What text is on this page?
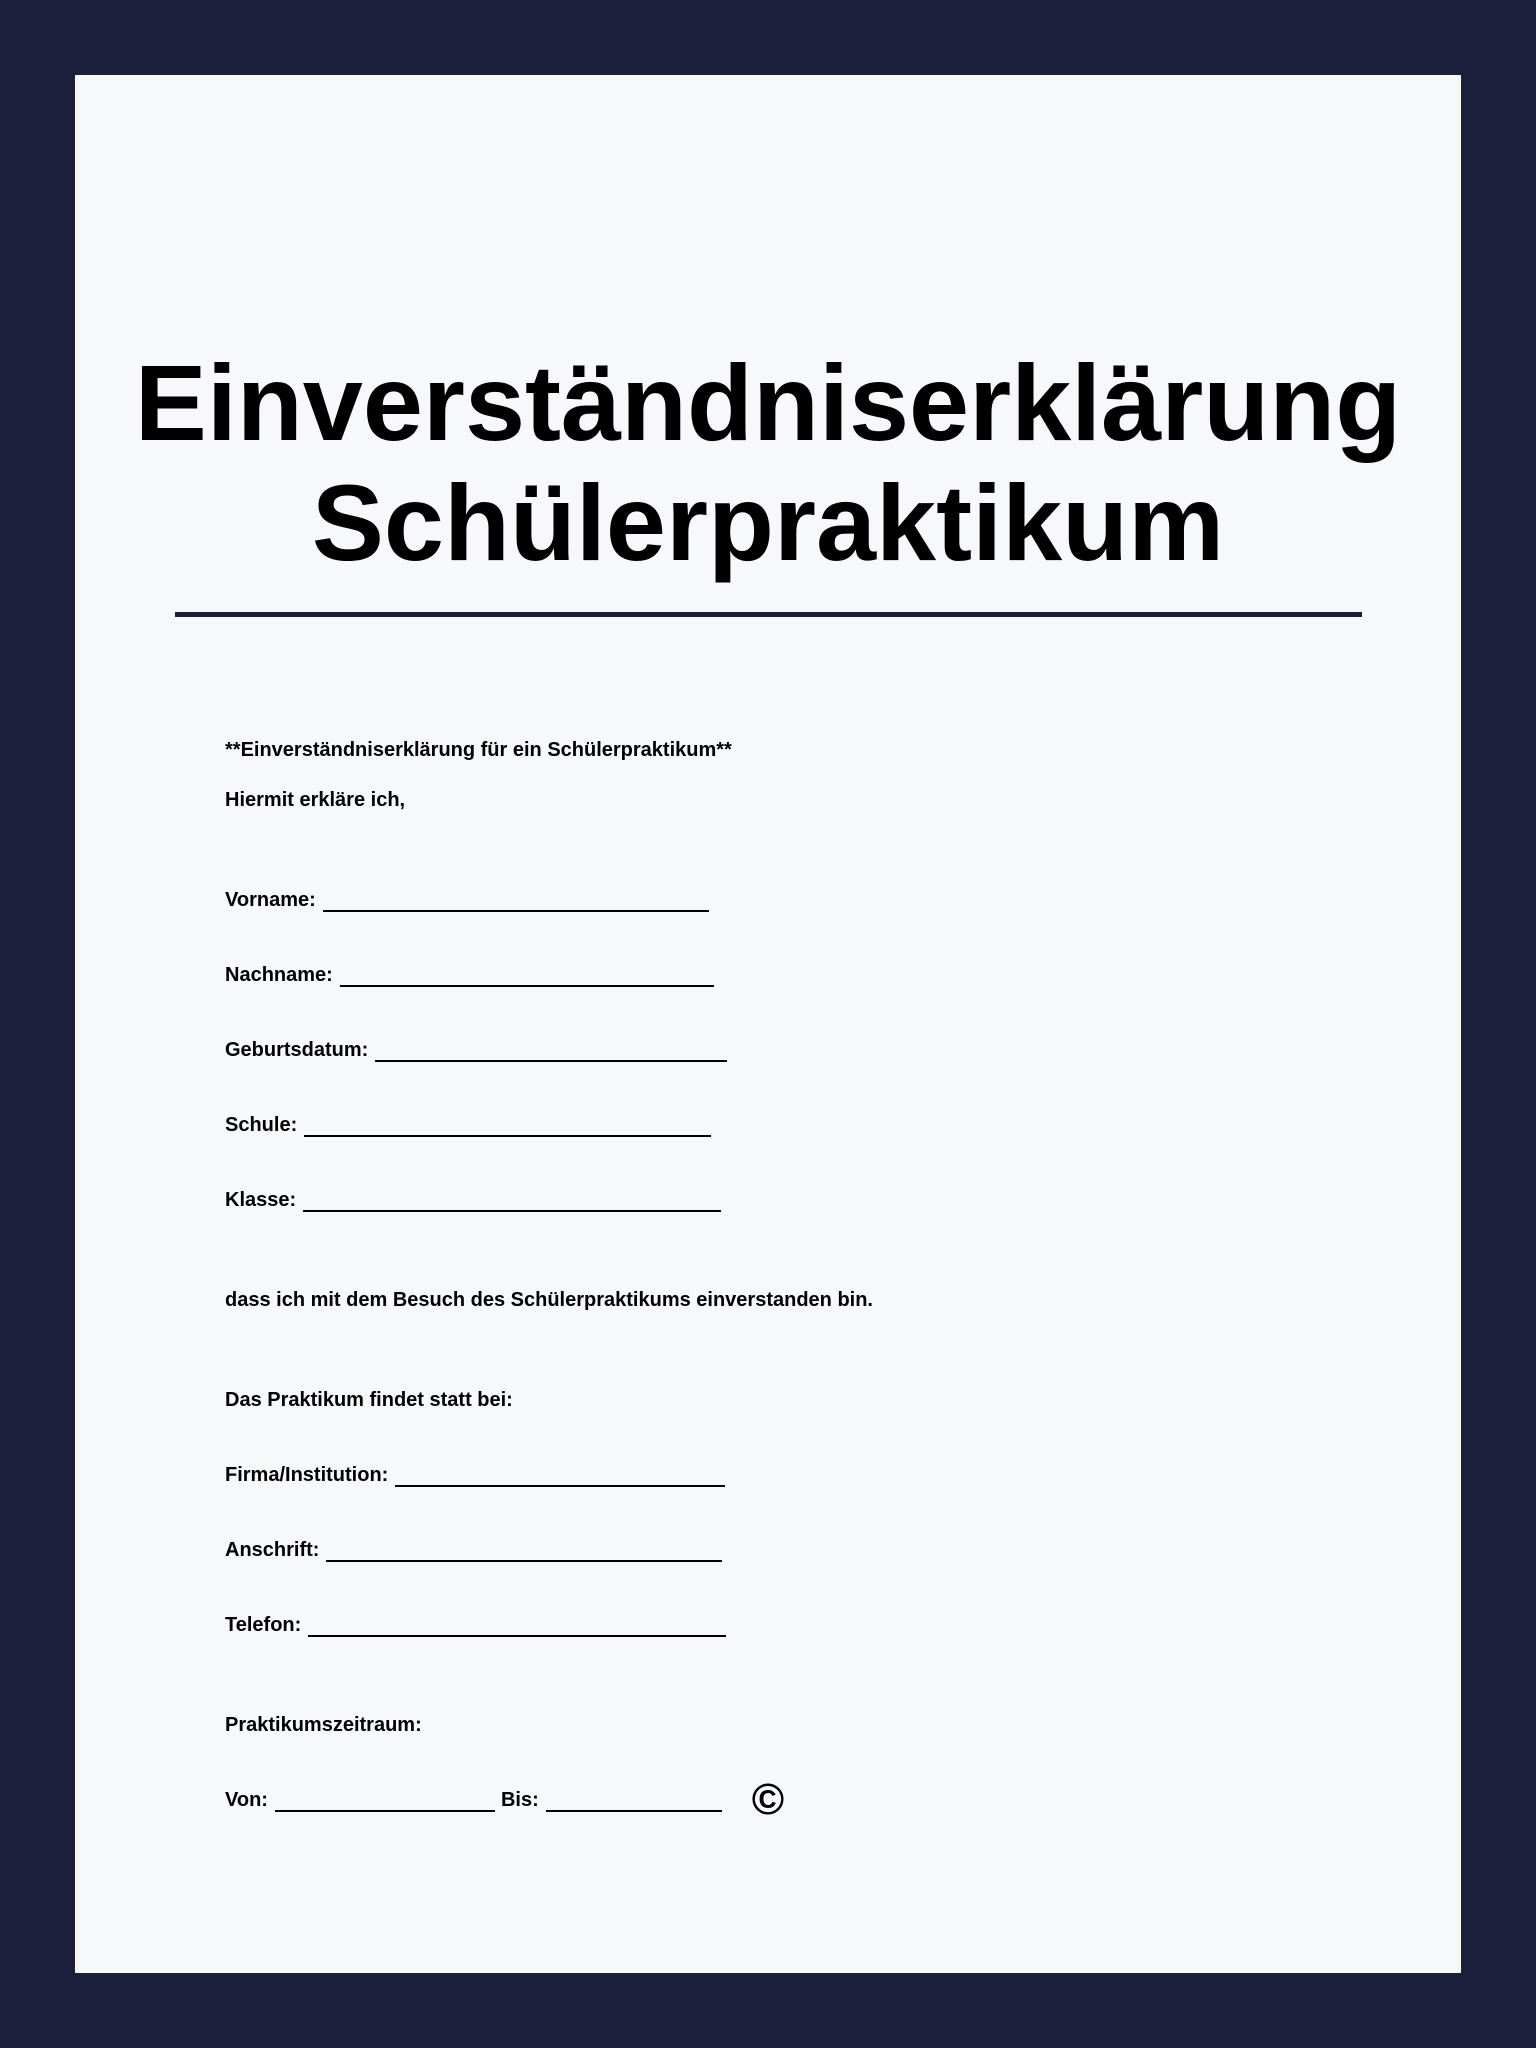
Einverständniserklärung
Schülerpraktikum
**Einverständniserklärung für ein Schülerpraktikum**
Hiermit erkläre ich,
Vorname:
Nachname:
Geburtsdatum:
Schule:
Klasse:
dass ich mit dem Besuch des Schülerpraktikums einverstanden bin.
Das Praktikum findet statt bei:
Firma/Institution:
Anschrift:
Telefon:
Praktikumszeitraum:
Von:	Bis:	©
